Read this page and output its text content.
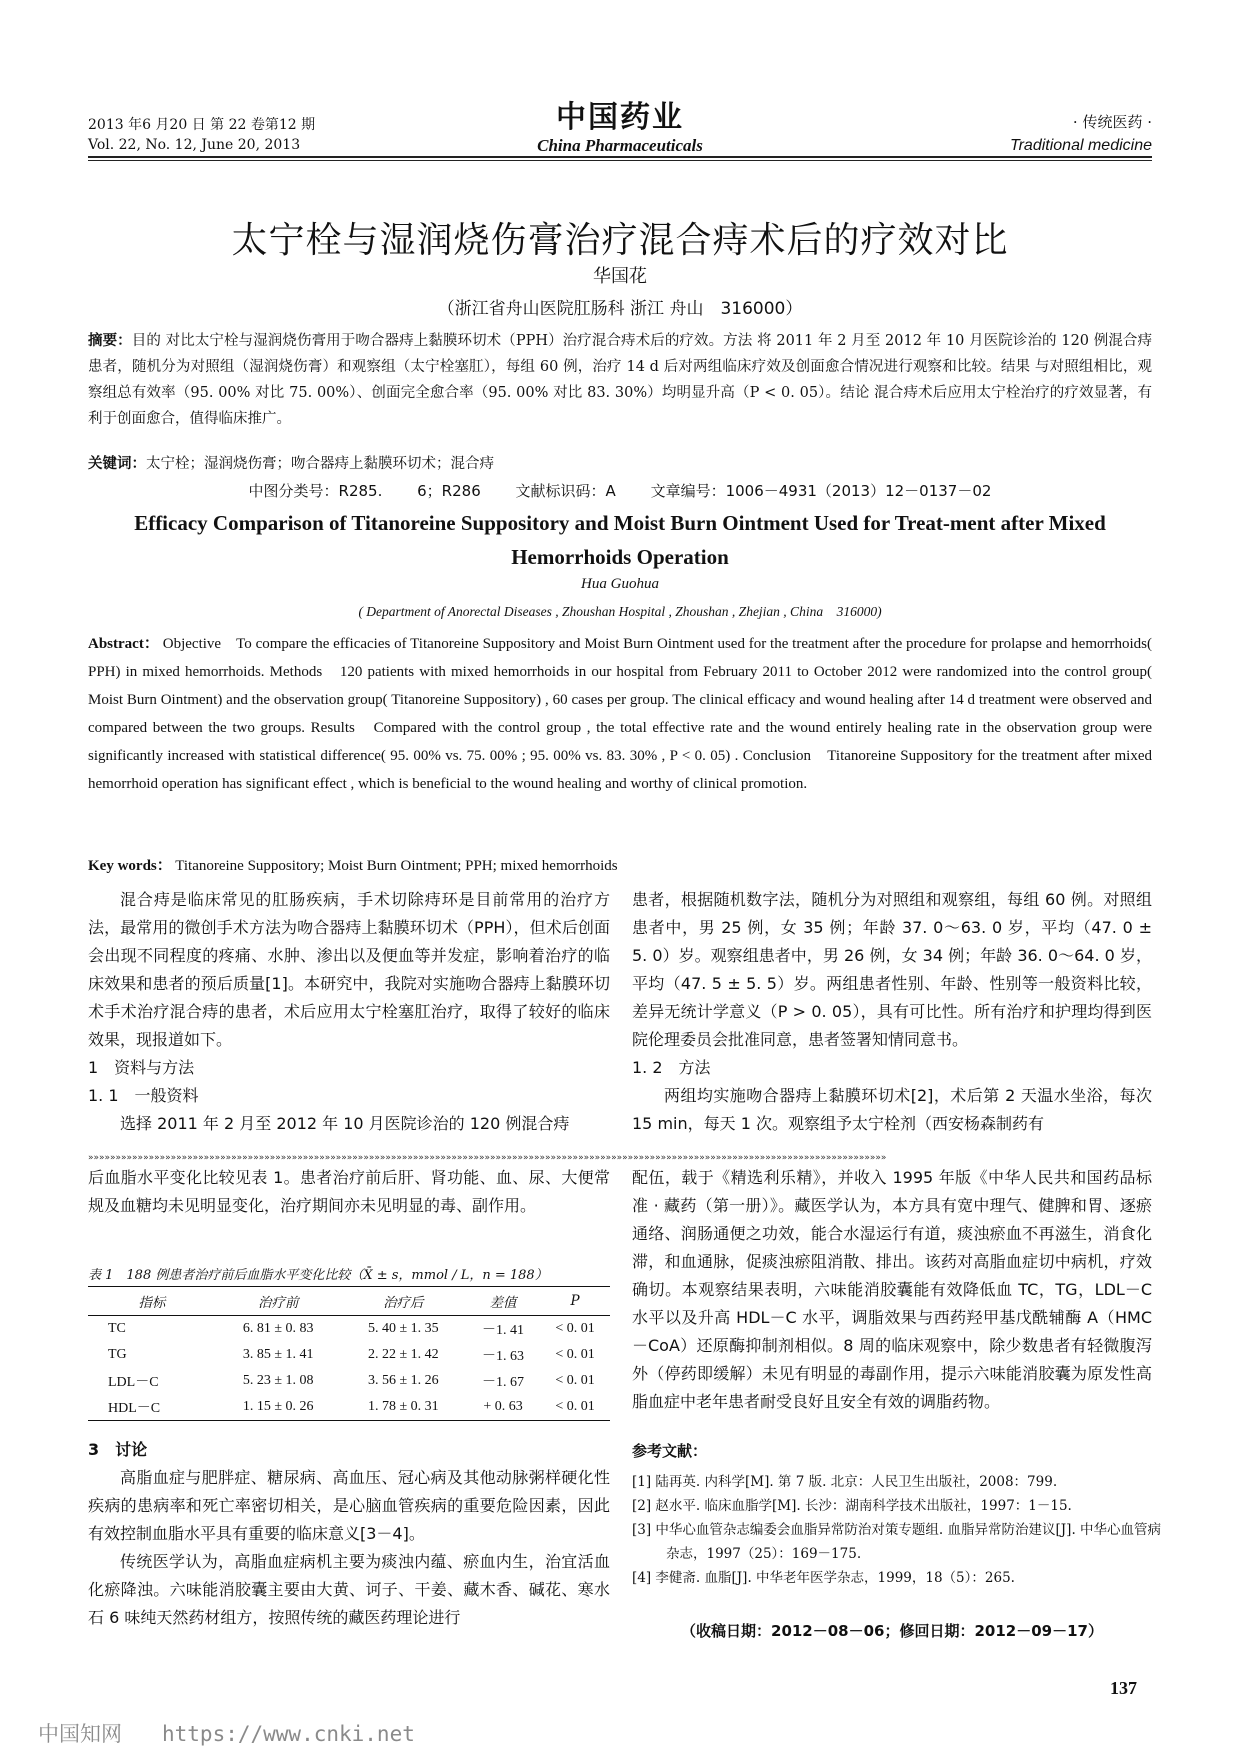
2013 年6 月20 日 第 22 卷第12 期
Vol. 22, No. 12, June 20, 2013
中国药业
China Pharmaceuticals
· 传统医药 ·
Traditional medicine
太宁栓与湿润烧伤膏治疗混合痔术后的疗效对比
华国花
（浙江省舟山医院肛肠科 浙江 舟山　316000）
摘要：目的 对比太宁栓与湿润烧伤膏用于吻合器痔上黏膜环切术（PPH）治疗混合痔术后的疗效。方法 将 2011 年 2 月至 2012 年 10 月医院诊治的 120 例混合痔患者，随机分为对照组（湿润烧伤膏）和观察组（太宁栓塞肛），每组 60 例，治疗 14 d 后对两组临床疗效及创面愈合情况进行观察和比较。结果 与对照组相比，观察组总有效率（95. 00% 对比 75. 00%）、创面完全愈合率（95. 00% 对比 83. 30%）均明显升高（P < 0. 05）。结论 混合痔术后应用太宁栓治疗的疗效显著，有利于创面愈合，值得临床推广。
关键词：太宁栓；湿润烧伤膏；吻合器痔上黏膜环切术；混合痔
中图分类号：R285. 6；R286 文献标识码：A 文章编号：1006－4931（2013）12－0137－02
Efficacy Comparison of Titanoreine Suppository and Moist Burn Ointment Used for Treat-ment after Mixed Hemorrhoids Operation
Hua Guohua
( Department of Anorectal Diseases , Zhoushan Hospital , Zhoushan , Zhejian , China　316000)
Abstract： Objective　To compare the efficacies of Titanoreine Suppository and Moist Burn Ointment used for the treatment after the procedure for prolapse and hemorrhoids( PPH) in mixed hemorrhoids. Methods　120 patients with mixed hemorrhoids in our hospital from February 2011 to October 2012 were randomized into the control group( Moist Burn Ointment) and the observation group( Titanoreine Suppository) , 60 cases per group. The clinical efficacy and wound healing after 14 d treatment were observed and compared between the two groups. Results　Compared with the control group , the total effective rate and the wound entirely healing rate in the observation group were significantly increased with statistical difference( 95. 00% vs. 75. 00% ; 95. 00% vs. 83. 30% , P < 0. 05) . Conclusion　Titanoreine Suppository for the treatment after mixed hemorrhoid operation has significant effect , which is beneficial to the wound healing and worthy of clinical promotion.
Key words： Titanoreine Suppository; Moist Burn Ointment; PPH; mixed hemorrhoids

混合痔是临床常见的肛肠疾病，手术切除痔环是目前常用的治疗方法，最常用的微创手术方法为吻合器痔上黏膜环切术（PPH），但术后创面会出现不同程度的疼痛、水肿、渗出以及便血等并发症，影响着治疗的临床效果和患者的预后质量[1]。本研究中，我院对实施吻合器痔上黏膜环切术手术治疗混合痔的患者，术后应用太宁栓塞肛治疗，取得了较好的临床效果，现报道如下。

1　资料与方法

1. 1　一般资料

选择 2011 年 2 月至 2012 年 10 月医院诊治的 120 例混合痔

患者，根据随机数字法，随机分为对照组和观察组，每组 60 例。对照组患者中，男 25 例，女 35 例；年龄 37. 0～63. 0 岁，平均（47. 0 ± 5. 0）岁。观察组患者中，男 26 例，女 34 例；年龄 36. 0～64. 0 岁，平均（47. 5 ± 5. 5）岁。两组患者性别、年龄、性别等一般资料比较，差异无统计学意义（P > 0. 05），具有可比性。所有治疗和护理均得到医院伦理委员会批准同意，患者签署知情同意书。

1. 2　方法

两组均实施吻合器痔上黏膜环切术[2]，术后第 2 天温水坐浴，每次 15 min，每天 1 次。观察组予太宁栓剂（西安杨森制药有

»»»»»»»»»»»»»»»»»»»»»»»»»»»»»»»»»»»»»»»»»»»»»»»»»»»»»»»»»»»»»»»»»»»»»»»»»»»»»»»»»»»»»»»»»»»»»»»»»»»»»»»»»»»»»»»»»»»»»»»»»»»»»»»»»»»»»»»»»»»»»»»»»

后血脂水平变化比较见表 1。患者治疗前后肝、肾功能、血、尿、大便常规及血糖均未见明显变化，治疗期间亦未见明显的毒、副作用。

配伍，载于《精选利乐精》，并收入 1995 年版《中华人民共和国药品标准 · 藏药（第一册）》。藏医学认为，本方具有宽中理气、健脾和胃、逐瘀通络、润肠通便之功效，能合水湿运行有道，痰浊瘀血不再滋生，消食化滞，和血通脉，促痰浊瘀阻消散、排出。该药对高脂血症切中病机，疗效确切。本观察结果表明，六味能消胶囊能有效降低血 TC，TG，LDL－C 水平以及升高 HDL－C 水平，调脂效果与西药羟甲基戊酰辅酶 A（HMC－CoA）还原酶抑制剂相似。8 周的临床观察中，除少数患者有轻微腹泻外（停药即缓解）未见有明显的毒副作用，提示六味能消胶囊为原发性高脂血症中老年患者耐受良好且安全有效的调脂药物。

表 1　188 例患者治疗前后血脂水平变化比较（X̄ ± s，mmol / L，n = 188）
指标	治疗前	治疗后	差值	P
TC	6. 81 ± 0. 83	5. 40 ± 1. 35	－1. 41	< 0. 01
TG	3. 85 ± 1. 41	2. 22 ± 1. 42	－1. 63	< 0. 01
LDL－C	5. 23 ± 1. 08	3. 56 ± 1. 26	－1. 67	< 0. 01
HDL－C	1. 15 ± 0. 26	1. 78 ± 0. 31	+ 0. 63	< 0. 01

3　讨论

高脂血症与肥胖症、糖尿病、高血压、冠心病及其他动脉粥样硬化性疾病的患病率和死亡率密切相关，是心脑血管疾病的重要危险因素，因此有效控制血脂水平具有重要的临床意义[3－4]。

传统医学认为，高脂血症病机主要为痰浊内蕴、瘀血内生，治宜活血化瘀降浊。六味能消胶囊主要由大黄、诃子、干姜、藏木香、碱花、寒水石 6 味纯天然药材组方，按照传统的藏医药理论进行

参考文献：
[1] 陆再英. 内科学[M]. 第 7 版. 北京：人民卫生出版社，2008：799.
[2] 赵水平. 临床血脂学[M]. 长沙：湖南科学技术出版社，1997：1－15.
[3] 中华心血管杂志编委会血脂异常防治对策专题组. 血脂异常防治建议[J]. 中华心血管病杂志，1997（25）：169－175.
[4] 李健斋. 血脂[J]. 中华老年医学杂志，1999，18（5）：265.
（收稿日期：2012－08－06；修回日期：2012－09－17）
137
中国知网 https://www.cnki.net
